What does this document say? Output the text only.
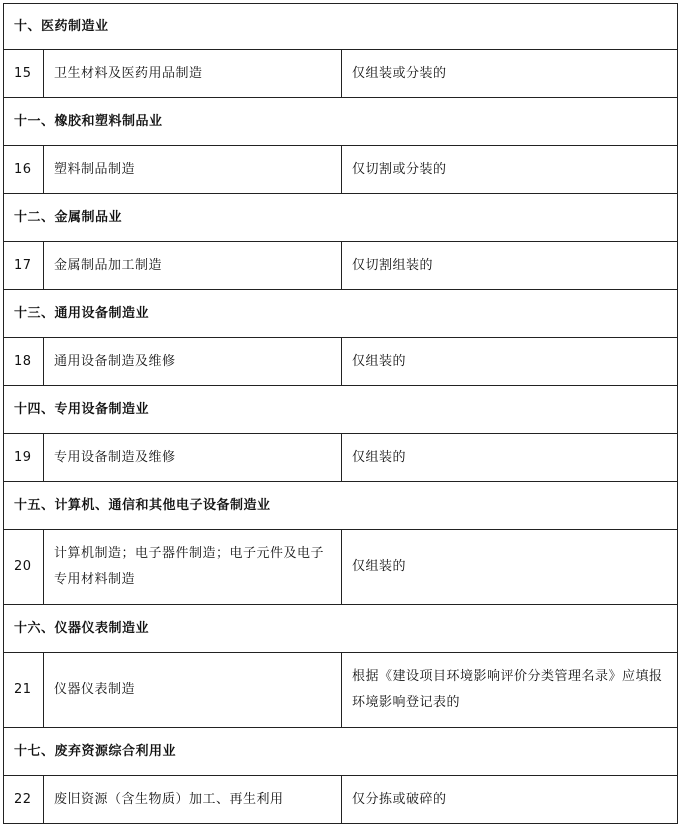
十、医药制造业		
15	卫生材料及医药用品制造	仅组装或分装的
十一、橡胶和塑料制品业		
16	塑料制品制造	仅切割或分装的
十二、金属制品业		
17	金属制品加工制造	仅切割组装的
十三、通用设备制造业		
18	通用设备制造及维修	仅组装的
十四、专用设备制造业		
19	专用设备制造及维修	仅组装的
十五、计算机、通信和其他电子设备制造业		
20	计算机制造；电子器件制造；电子元件及电子专用材料制造	仅组装的
十六、仪器仪表制造业		
21	仪器仪表制造	根据《建设项目环境影响评价分类管理名录》应填报环境影响登记表的
十七、废弃资源综合利用业		
22	废旧资源（含生物质）加工、再生利用	仅分拣或破碎的
